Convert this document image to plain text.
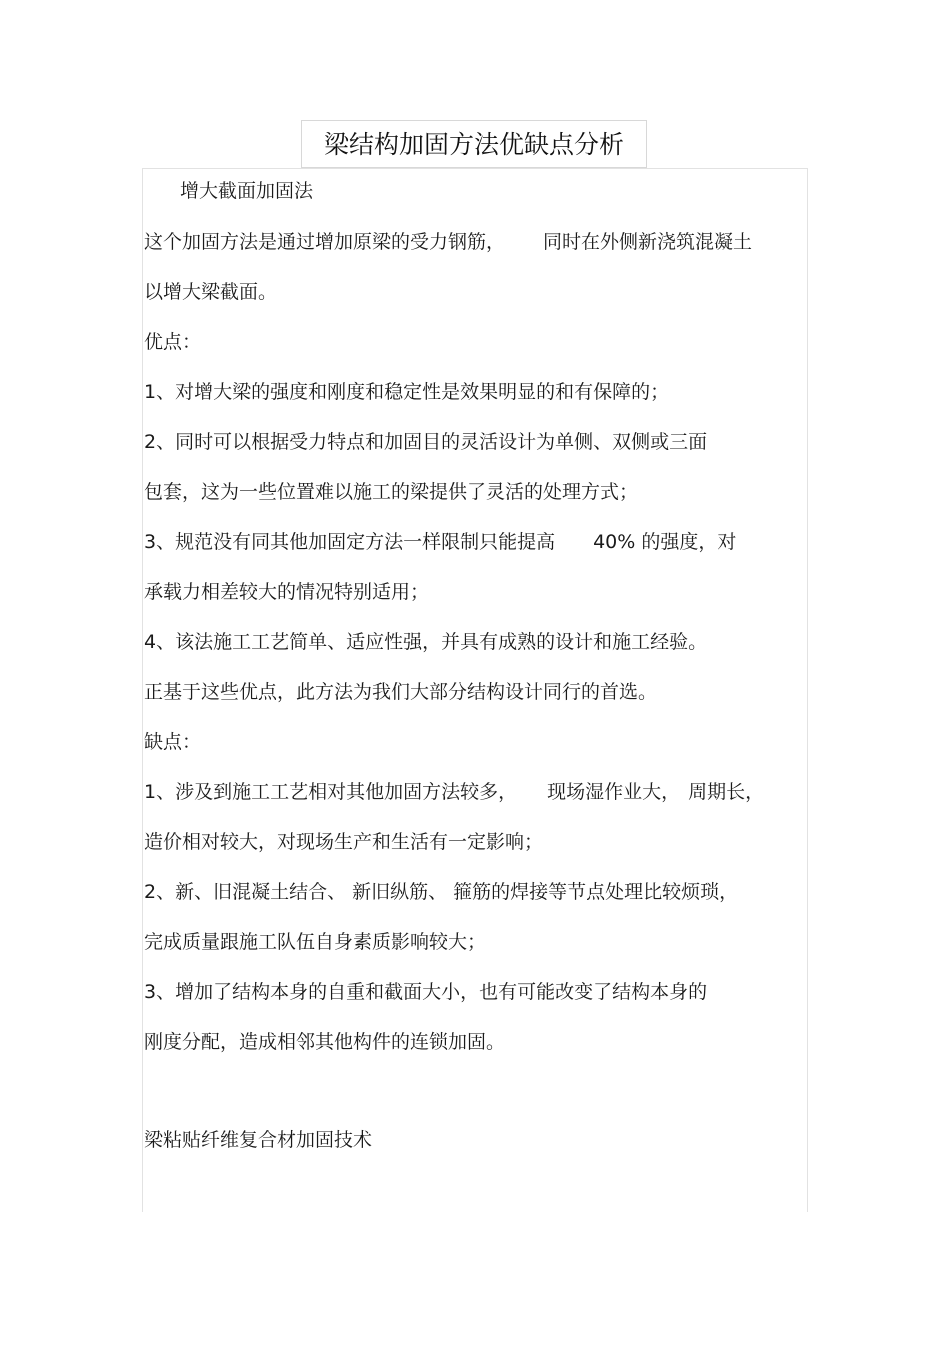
梁结构加固方法优缺点分析
增大截面加固法
这个加固方法是通过增加原梁的受力钢筋， 同时在外侧新浇筑混凝土
以增大梁截面。
优点：
1、对增大梁的强度和刚度和稳定性是效果明显的和有保障的；
2、同时可以根据受力特点和加固目的灵活设计为单侧、双侧或三面
包套，这为一些位置难以施工的梁提供了灵活的处理方式；
3、规范没有同其他加固定方法一样限制只能提高 40% 的强度，对
承载力相差较大的情况特别适用；
4、该法施工工艺简单、适应性强，并具有成熟的设计和施工经验。
正基于这些优点，此方法为我们大部分结构设计同行的首选。
缺点：
1、涉及到施工工艺相对其他加固方法较多， 现场湿作业大， 周期长，
造价相对较大，对现场生产和生活有一定影响；
2、新、旧混凝土结合、 新旧纵筋、 箍筋的焊接等节点处理比较烦琐，
完成质量跟施工队伍自身素质影响较大；
3、增加了结构本身的自重和截面大小，也有可能改变了结构本身的
刚度分配，造成相邻其他构件的连锁加固。
梁粘贴纤维复合材加固技术
